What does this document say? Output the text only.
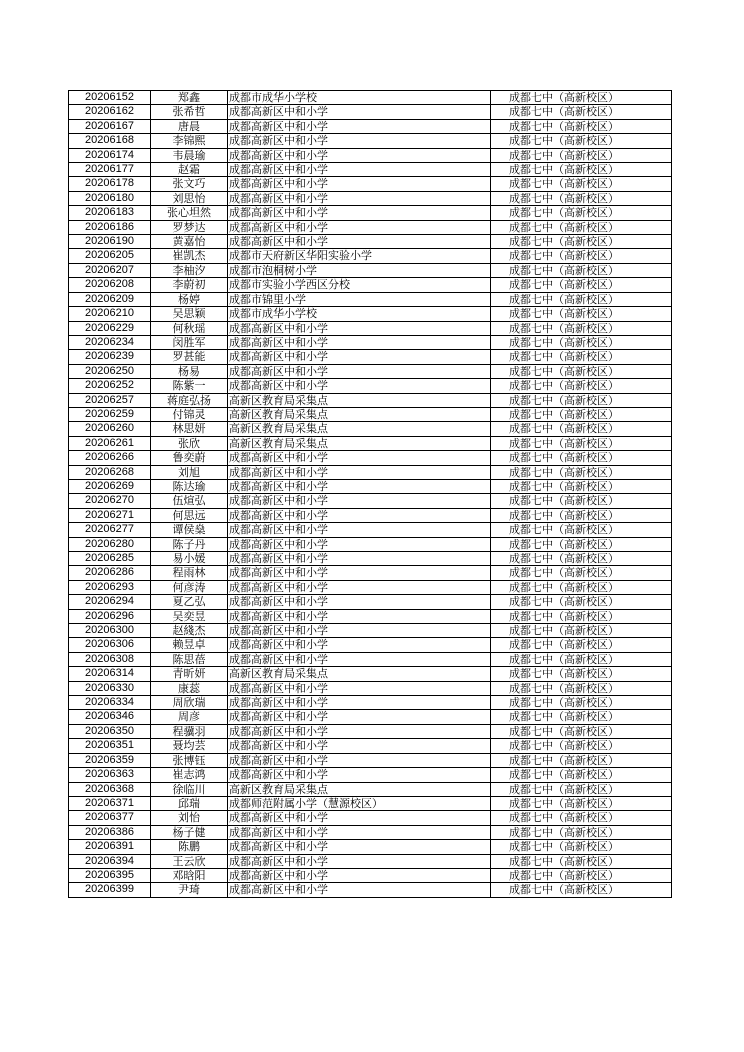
20206152	郑鑫	成都市成华小学校	成都七中（高新校区）
20206162	张希哲	成都高新区中和小学	成都七中（高新校区）
20206167	唐晨	成都高新区中和小学	成都七中（高新校区）
20206168	李锦熙	成都高新区中和小学	成都七中（高新校区）
20206174	韦晨瑜	成都高新区中和小学	成都七中（高新校区）
20206177	赵霜	成都高新区中和小学	成都七中（高新校区）
20206178	张文巧	成都高新区中和小学	成都七中（高新校区）
20206180	刘思怡	成都高新区中和小学	成都七中（高新校区）
20206183	张心坦然	成都高新区中和小学	成都七中（高新校区）
20206186	罗梦达	成都高新区中和小学	成都七中（高新校区）
20206190	黄嘉怡	成都高新区中和小学	成都七中（高新校区）
20206205	崔凯杰	成都市天府新区华阳实验小学	成都七中（高新校区）
20206207	李柚汐	成都市泡桐树小学	成都七中（高新校区）
20206208	李蔚初	成都市实验小学西区分校	成都七中（高新校区）
20206209	杨婷	成都市锦里小学	成都七中（高新校区）
20206210	吴思颖	成都市成华小学校	成都七中（高新校区）
20206229	何秋瑶	成都高新区中和小学	成都七中（高新校区）
20206234	闵胜军	成都高新区中和小学	成都七中（高新校区）
20206239	罗甚能	成都高新区中和小学	成都七中（高新校区）
20206250	杨易	成都高新区中和小学	成都七中（高新校区）
20206252	陈紫一	成都高新区中和小学	成都七中（高新校区）
20206257	蒋庭弘扬	高新区教育局采集点	成都七中（高新校区）
20206259	付锦灵	高新区教育局采集点	成都七中（高新校区）
20206260	林思妍	高新区教育局采集点	成都七中（高新校区）
20206261	张欣	高新区教育局采集点	成都七中（高新校区）
20206266	鲁奕蔚	成都高新区中和小学	成都七中（高新校区）
20206268	刘旭	成都高新区中和小学	成都七中（高新校区）
20206269	陈达瑜	成都高新区中和小学	成都七中（高新校区）
20206270	伍煊弘	成都高新区中和小学	成都七中（高新校区）
20206271	何思远	成都高新区中和小学	成都七中（高新校区）
20206277	谭侯燊	成都高新区中和小学	成都七中（高新校区）
20206280	陈子丹	成都高新区中和小学	成都七中（高新校区）
20206285	易小媛	成都高新区中和小学	成都七中（高新校区）
20206286	程雨林	成都高新区中和小学	成都七中（高新校区）
20206293	何彦涛	成都高新区中和小学	成都七中（高新校区）
20206294	夏乙弘	成都高新区中和小学	成都七中（高新校区）
20206296	吴奕昱	成都高新区中和小学	成都七中（高新校区）
20206300	赵綫杰	成都高新区中和小学	成都七中（高新校区）
20206306	赖昱卓	成都高新区中和小学	成都七中（高新校区）
20206308	陈思蓓	成都高新区中和小学	成都七中（高新校区）
20206314	青昕妍	高新区教育局采集点	成都七中（高新校区）
20206330	康蕊	成都高新区中和小学	成都七中（高新校区）
20206334	周欣瑞	成都高新区中和小学	成都七中（高新校区）
20206346	周彦	成都高新区中和小学	成都七中（高新校区）
20206350	程骥羽	成都高新区中和小学	成都七中（高新校区）
20206351	聂均芸	成都高新区中和小学	成都七中（高新校区）
20206359	张博钰	成都高新区中和小学	成都七中（高新校区）
20206363	崔志鸿	成都高新区中和小学	成都七中（高新校区）
20206368	徐临川	高新区教育局采集点	成都七中（高新校区）
20206371	邱瑞	成都师范附属小学（慧源校区）	成都七中（高新校区）
20206377	刘怡	成都高新区中和小学	成都七中（高新校区）
20206386	杨子健	成都高新区中和小学	成都七中（高新校区）
20206391	陈鹏	成都高新区中和小学	成都七中（高新校区）
20206394	王云欣	成都高新区中和小学	成都七中（高新校区）
20206395	邓晗阳	成都高新区中和小学	成都七中（高新校区）
20206399	尹琦	成都高新区中和小学	成都七中（高新校区）
